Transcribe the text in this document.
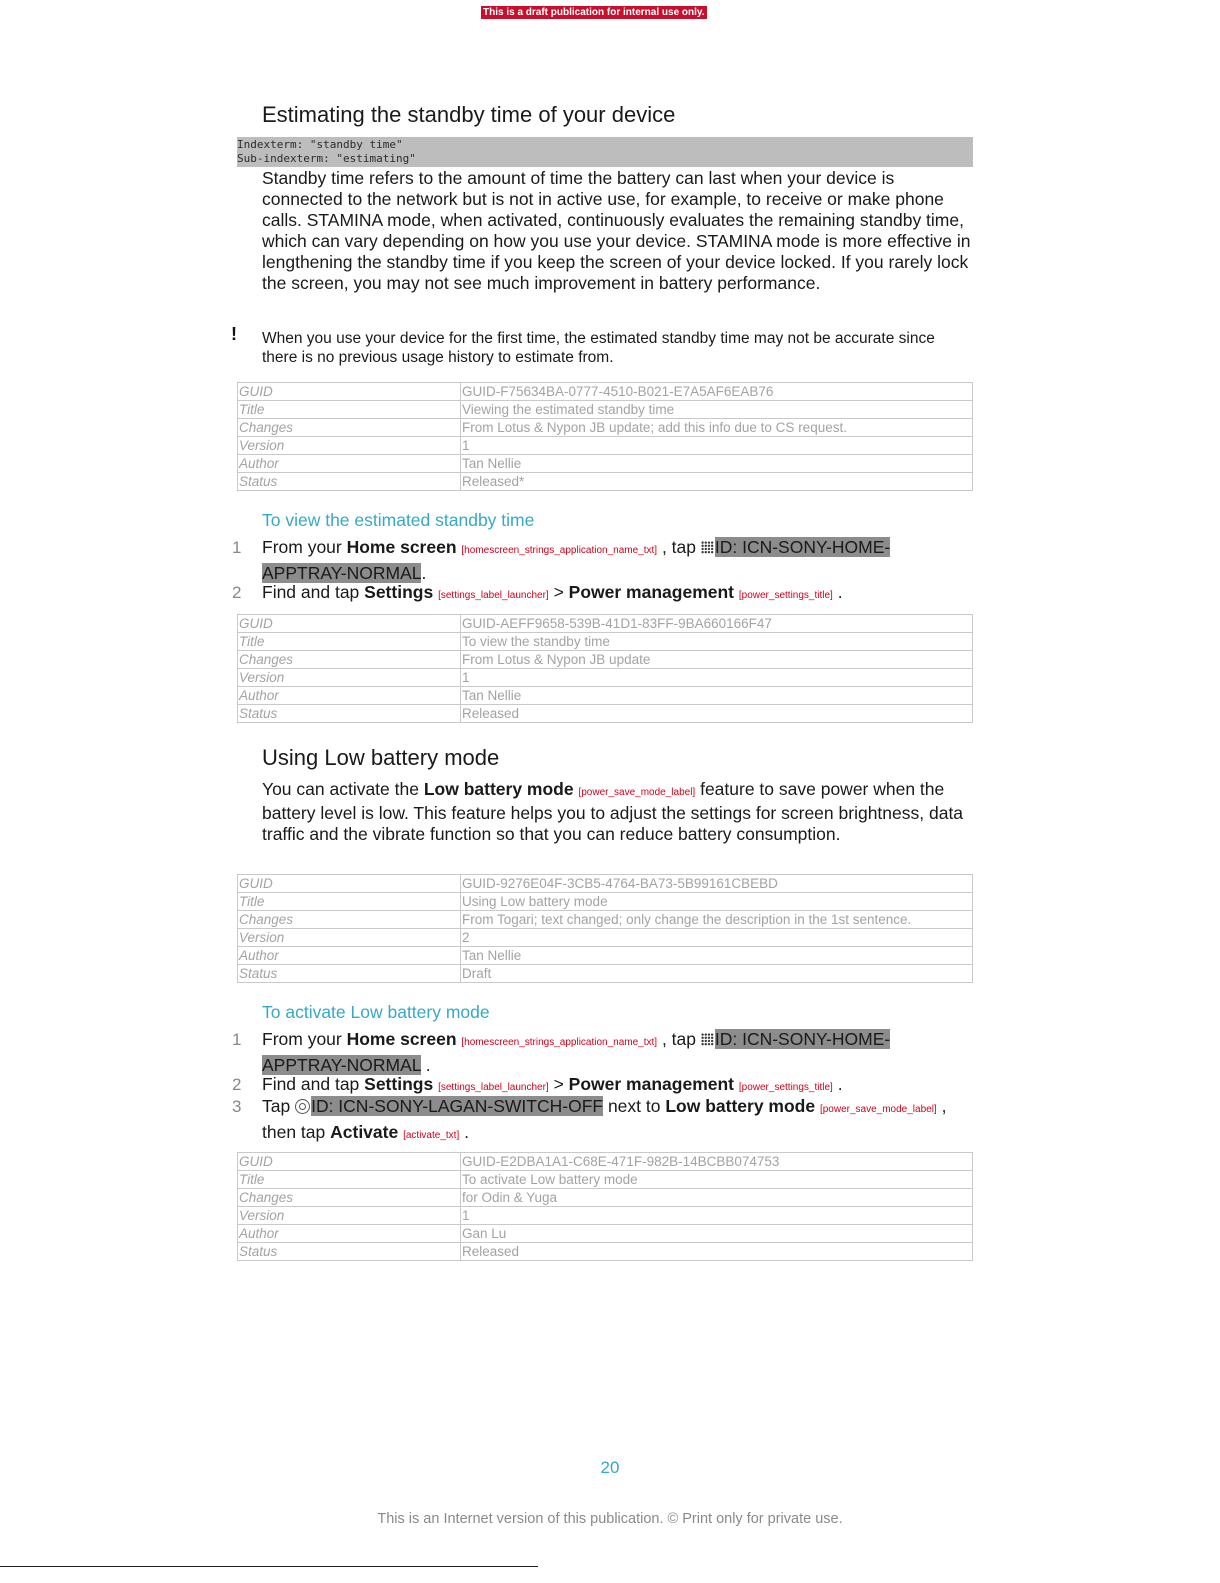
This is a draft publication for internal use only.
Estimating the standby time of your device
Indexterm: "standby time"
Sub-indexterm: "estimating"
Standby time refers to the amount of time the battery can last when your device is connected to the network but is not in active use, for example, to receive or make phone calls. STAMINA mode, when activated, continuously evaluates the remaining standby time, which can vary depending on how you use your device. STAMINA mode is more effective in lengthening the standby time if you keep the screen of your device locked. If you rarely lock the screen, you may not see much improvement in battery performance.
! When you use your device for the first time, the estimated standby time may not be accurate since there is no previous usage history to estimate from.
GUID	GUID-F75634BA-0777-4510-B021-E7A5AF6EAB76
Title	Viewing the estimated standby time
Changes	From Lotus & Nypon JB update; add this info due to CS request.
Version	1
Author	Tan Nellie
Status	Released*
To view the estimated standby time
1 From your Home screen [homescreen_strings_application_name_txt] , tap ID: ICN-SONY-HOME-APPTRAY-NORMAL.
2 Find and tap Settings [settings_label_launcher] > Power management [power_settings_title] .
GUID	GUID-AEFF9658-539B-41D1-83FF-9BA660166F47
Title	To view the standby time
Changes	From Lotus & Nypon JB update
Version	1
Author	Tan Nellie
Status	Released
Using Low battery mode
You can activate the Low battery mode [power_save_mode_label] feature to save power when the battery level is low. This feature helps you to adjust the settings for screen brightness, data traffic and the vibrate function so that you can reduce battery consumption.
GUID	GUID-9276E04F-3CB5-4764-BA73-5B99161CBEBD
Title	Using Low battery mode
Changes	From Togari; text changed; only change the description in the 1st sentence.
Version	2
Author	Tan Nellie
Status	Draft
To activate Low battery mode
1 From your Home screen [homescreen_strings_application_name_txt] , tap ID: ICN-SONY-HOME-APPTRAY-NORMAL .
2 Find and tap Settings [settings_label_launcher] > Power management [power_settings_title] .
3 Tap ID: ICN-SONY-LAGAN-SWITCH-OFF next to Low battery mode [power_save_mode_label] , then tap Activate [activate_txt] .
GUID	GUID-E2DBA1A1-C68E-471F-982B-14BCBB074753
Title	To activate Low battery mode
Changes	for Odin & Yuga
Version	1
Author	Gan Lu
Status	Released
20
This is an Internet version of this publication. © Print only for private use.
